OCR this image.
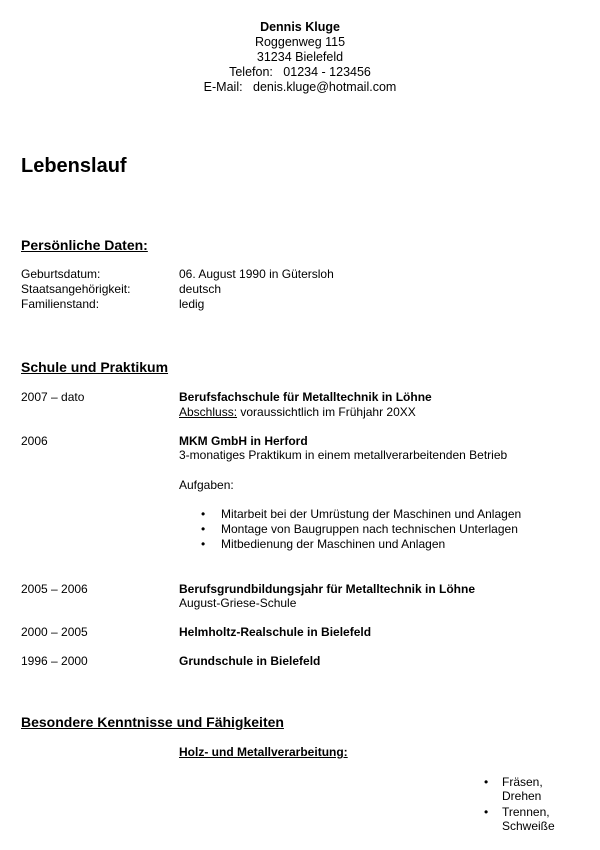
Dennis Kluge
Roggenweg 115
31234 Bielefeld
Telefon: 01234 - 123456
E-Mail: denis.kluge@hotmail.com
Lebenslauf
Persönliche Daten:
Geburtsdatum:	06. August 1990 in Gütersloh
Staatsangehörigkeit:	deutsch
Familienstand:	ledig
Schule und Praktikum
2007 – dato	Berufsfachschule für Metalltechnik in Löhne
Abschluss: voraussichtlich im Frühjahr 20XX
2006	MKM GmbH in Herford
3-monatiges Praktikum in einem metallverarbeitenden Betrieb
Aufgaben:
• Mitarbeit bei der Umrüstung der Maschinen und Anlagen
• Montage von Baugruppen nach technischen Unterlagen
• Mitbedienung der Maschinen und Anlagen
2005 – 2006	Berufsgrundbildungsjahr für Metalltechnik in Löhne
August-Griese-Schule
2000 – 2005	Helmholtz-Realschule in Bielefeld
1996 – 2000	Grundschule in Bielefeld
Besondere Kenntnisse und Fähigkeiten
Holz- und Metallverarbeitung:
• Fräsen, Drehen
• Trennen, Schweiße
